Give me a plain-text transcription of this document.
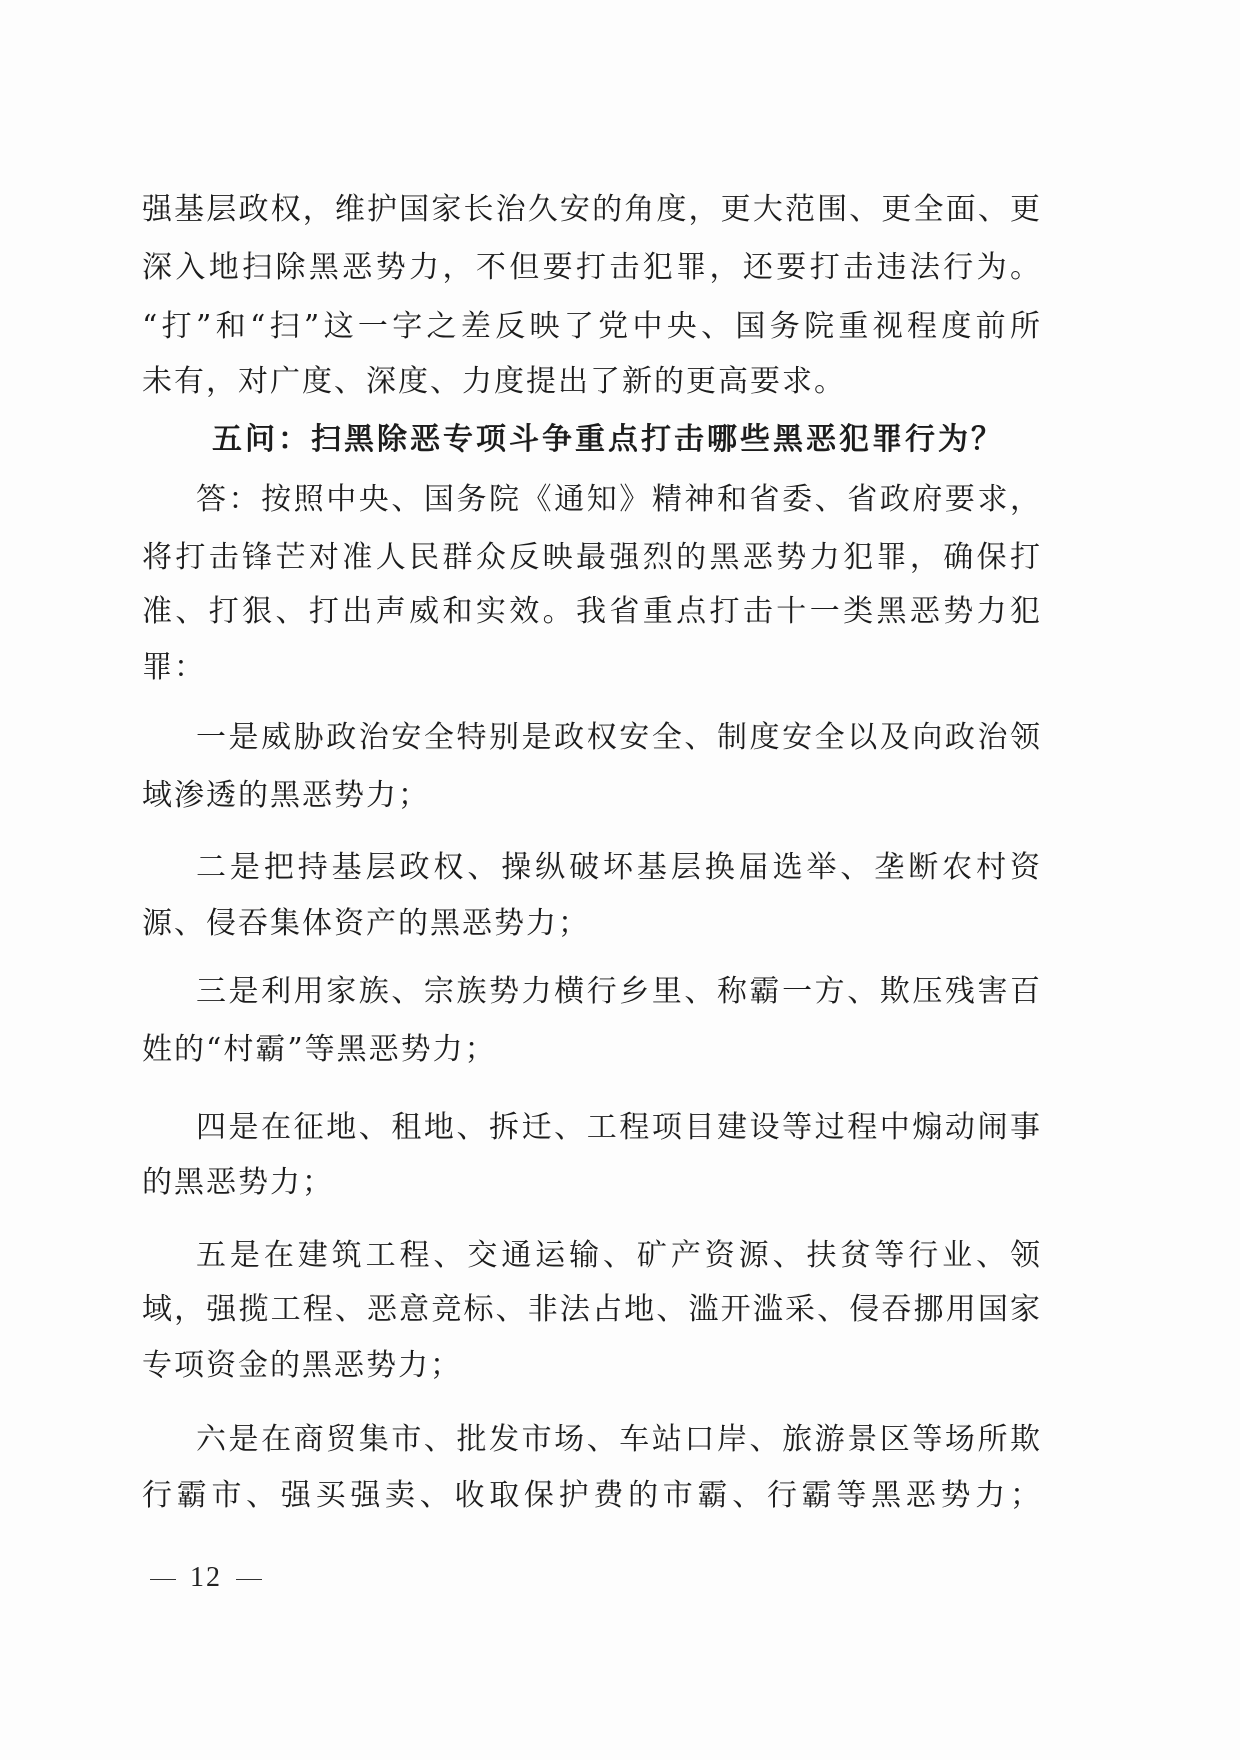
强基层政权，维护国家长治久安的角度，更大范围、更全面、更
深入地扫除黑恶势力，不但要打击犯罪，还要打击违法行为。
“打”和“扫”这一字之差反映了党中央、国务院重视程度前所
未有，对广度、深度、力度提出了新的更高要求。
五问：扫黑除恶专项斗争重点打击哪些黑恶犯罪行为？
答：按照中央、国务院《通知》精神和省委、省政府要求，
将打击锋芒对准人民群众反映最强烈的黑恶势力犯罪，确保打
准、打狠、打出声威和实效。我省重点打击十一类黑恶势力犯
罪：
一是威胁政治安全特别是政权安全、制度安全以及向政治领
域渗透的黑恶势力；
二是把持基层政权、操纵破坏基层换届选举、垄断农村资
源、侵吞集体资产的黑恶势力；
三是利用家族、宗族势力横行乡里、称霸一方、欺压残害百
姓的“村霸”等黑恶势力；
四是在征地、租地、拆迁、工程项目建设等过程中煽动闹事
的黑恶势力；
五是在建筑工程、交通运输、矿产资源、扶贫等行业、领
域，强揽工程、恶意竞标、非法占地、滥开滥采、侵吞挪用国家
专项资金的黑恶势力；
六是在商贸集市、批发市场、车站口岸、旅游景区等场所欺
行霸市、强买强卖、收取保护费的市霸、行霸等黑恶势力；
12
